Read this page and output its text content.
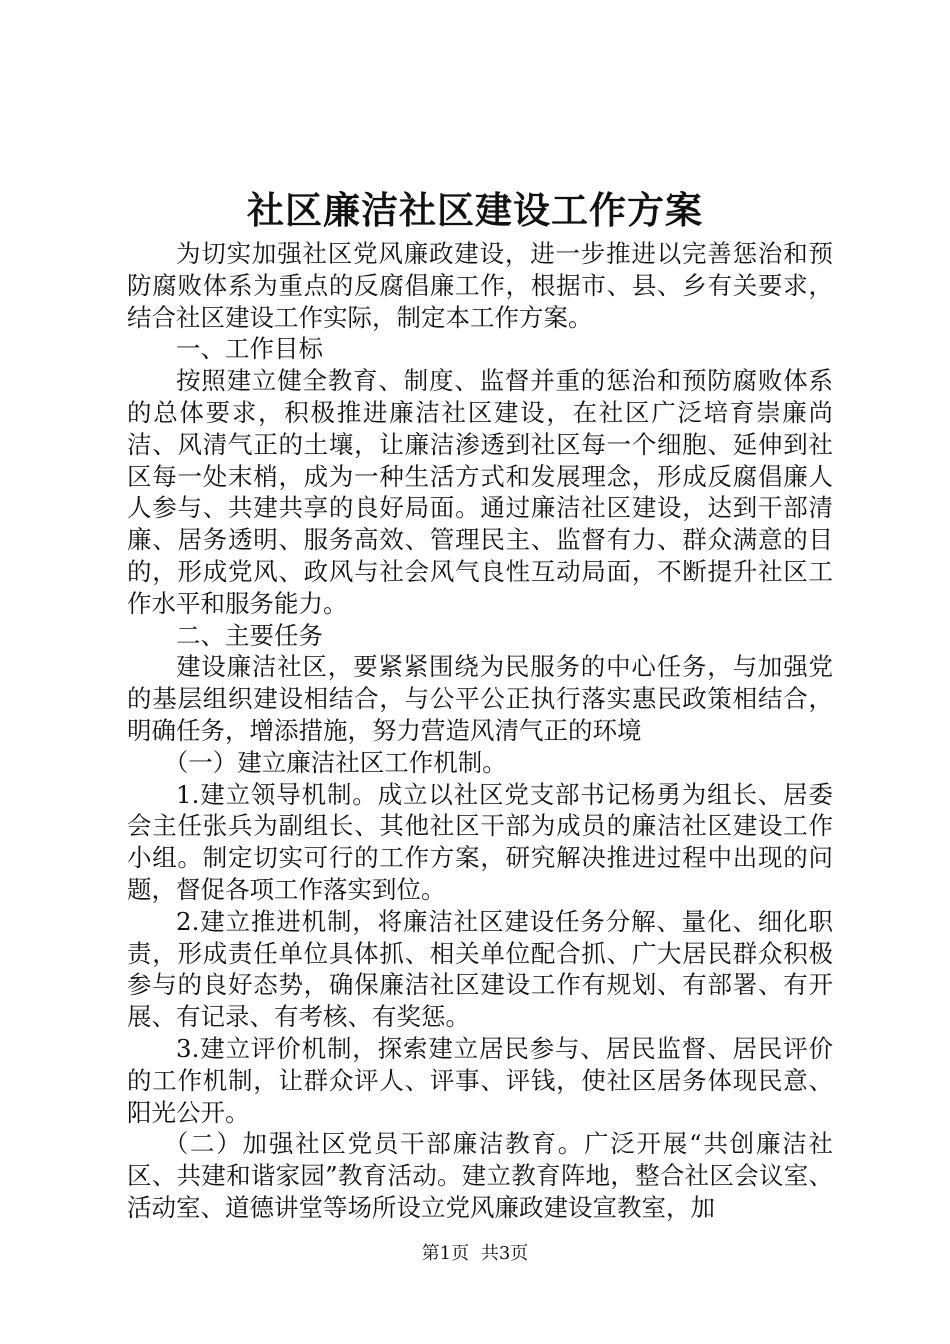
社区廉洁社区建设工作方案

为切实加强社区党风廉政建设，进一步推进以完善惩治和预防腐败体系为重点的反腐倡廉工作，根据市、县、乡有关要求，结合社区建设工作实际，制定本工作方案。

一、工作目标

按照建立健全教育、制度、监督并重的惩治和预防腐败体系的总体要求，积极推进廉洁社区建设，在社区广泛培育崇廉尚洁、风清气正的土壤，让廉洁渗透到社区每一个细胞、延伸到社区每一处末梢，成为一种生活方式和发展理念，形成反腐倡廉人人参与、共建共享的良好局面。通过廉洁社区建设，达到干部清廉、居务透明、服务高效、管理民主、监督有力、群众满意的目的，形成党风、政风与社会风气良性互动局面，不断提升社区工作水平和服务能力。

二、主要任务

建设廉洁社区，要紧紧围绕为民服务的中心任务，与加强党的基层组织建设相结合，与公平公正执行落实惠民政策相结合，明确任务，增添措施，努力营造风清气正的环境

（一）建立廉洁社区工作机制。

1.建立领导机制。成立以社区党支部书记杨勇为组长、居委会主任张兵为副组长、其他社区干部为成员的廉洁社区建设工作小组。制定切实可行的工作方案，研究解决推进过程中出现的问题，督促各项工作落实到位。

2.建立推进机制，将廉洁社区建设任务分解、量化、细化职责，形成责任单位具体抓、相关单位配合抓、广大居民群众积极参与的良好态势，确保廉洁社区建设工作有规划、有部署、有开展、有记录、有考核、有奖惩。

3.建立评价机制，探索建立居民参与、居民监督、居民评价的工作机制，让群众评人、评事、评钱，使社区居务体现民意、阳光公开。

（二）加强社区党员干部廉洁教育。广泛开展“共创廉洁社区、共建和谐家园”教育活动。建立教育阵地，整合社区会议室、活动室、道德讲堂等场所设立党风廉政建设宣教室，加

第1页 共3页
